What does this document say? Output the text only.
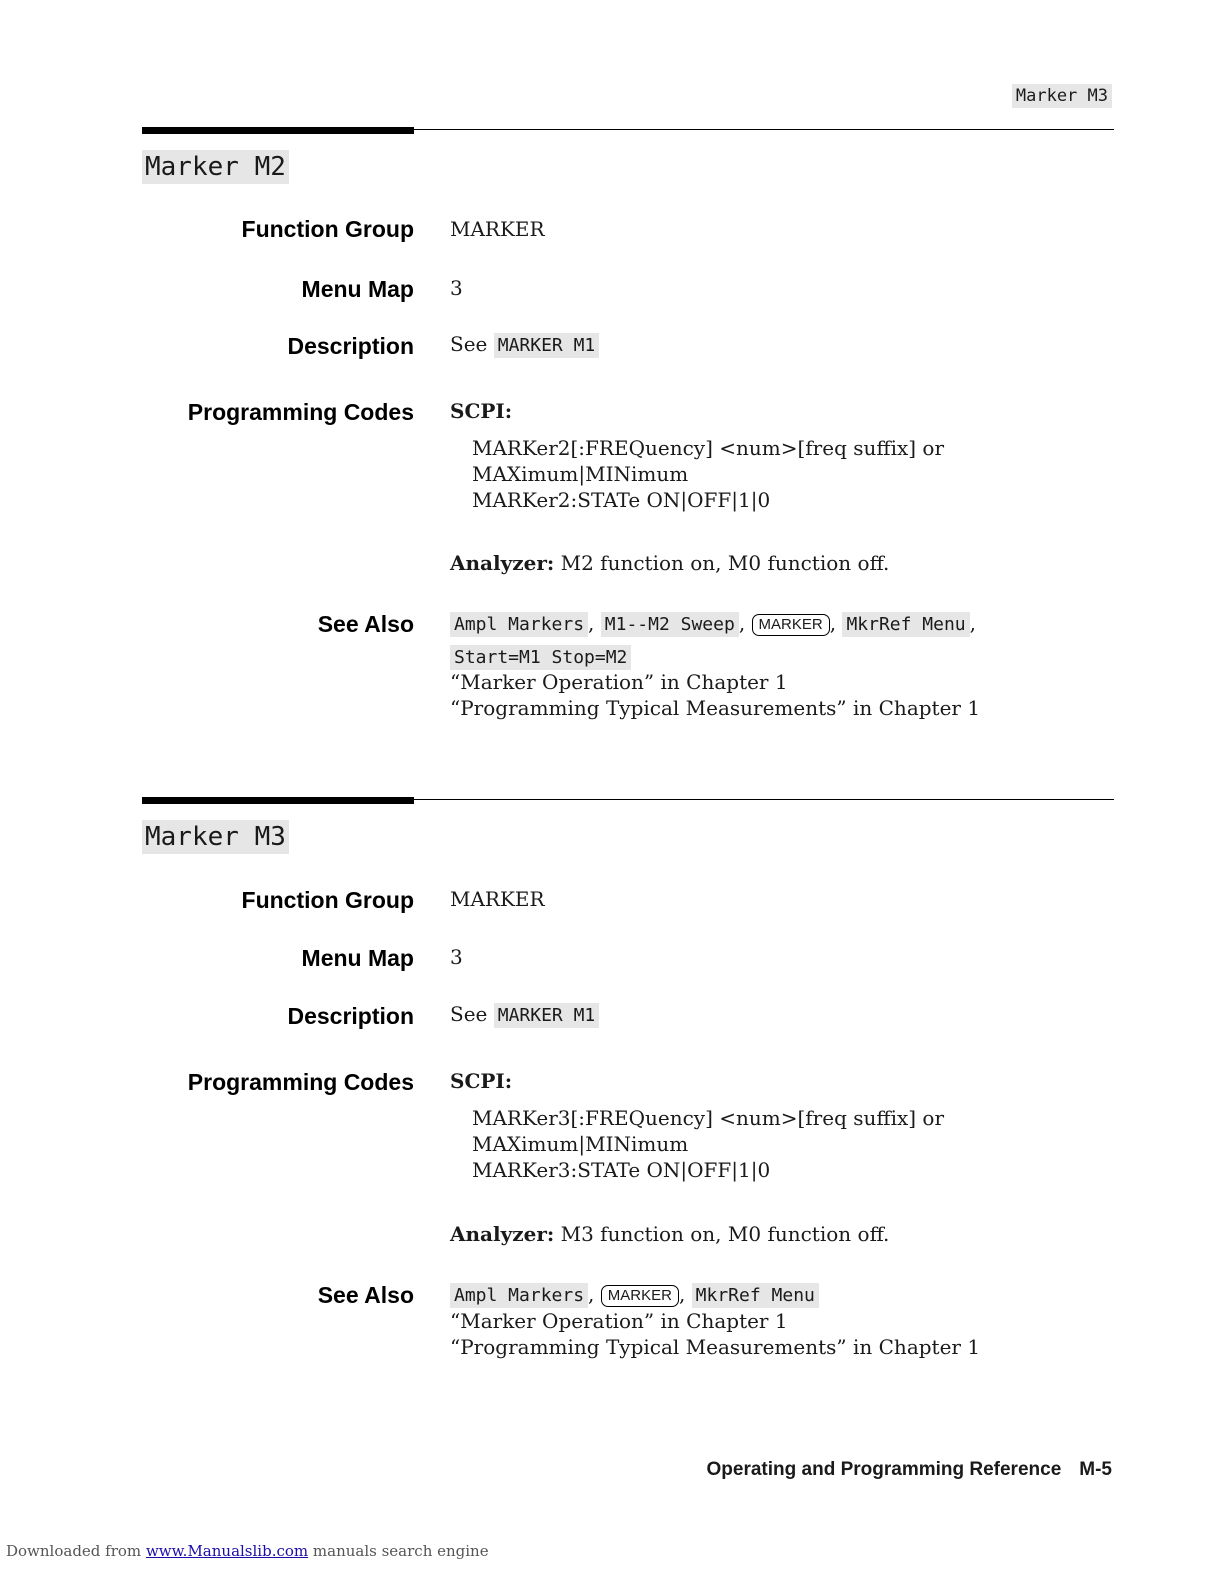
Marker M3
Marker M2
Function Group MARKER
Menu Map 3
Description See MARKER M1
Programming Codes SCPI:
MARKer2[:FREQuency] <num>[freq suffix] or
MAXimum|MINimum
MARKer2:STATe ON|OFF|1|0
Analyzer: M2 function on, M0 function off.
See Also Ampl Markers , M1--M2 Sweep , MARKER , MkrRef Menu ,
Start=M1 Stop=M2
“Marker Operation” in Chapter 1
“Programming Typical Measurements” in Chapter 1
Marker M3
Function Group MARKER
Menu Map 3
Description See MARKER M1
Programming Codes SCPI:
MARKer3[:FREQuency] <num>[freq suffix] or
MAXimum|MINimum
MARKer3:STATe ON|OFF|1|0
Analyzer: M3 function on, M0 function off.
See Also Ampl Markers , MARKER , MkrRef Menu
“Marker Operation” in Chapter 1
“Programming Typical Measurements” in Chapter 1
Operating and Programming Reference M-5
Downloaded from www.Manualslib.com manuals search engine
